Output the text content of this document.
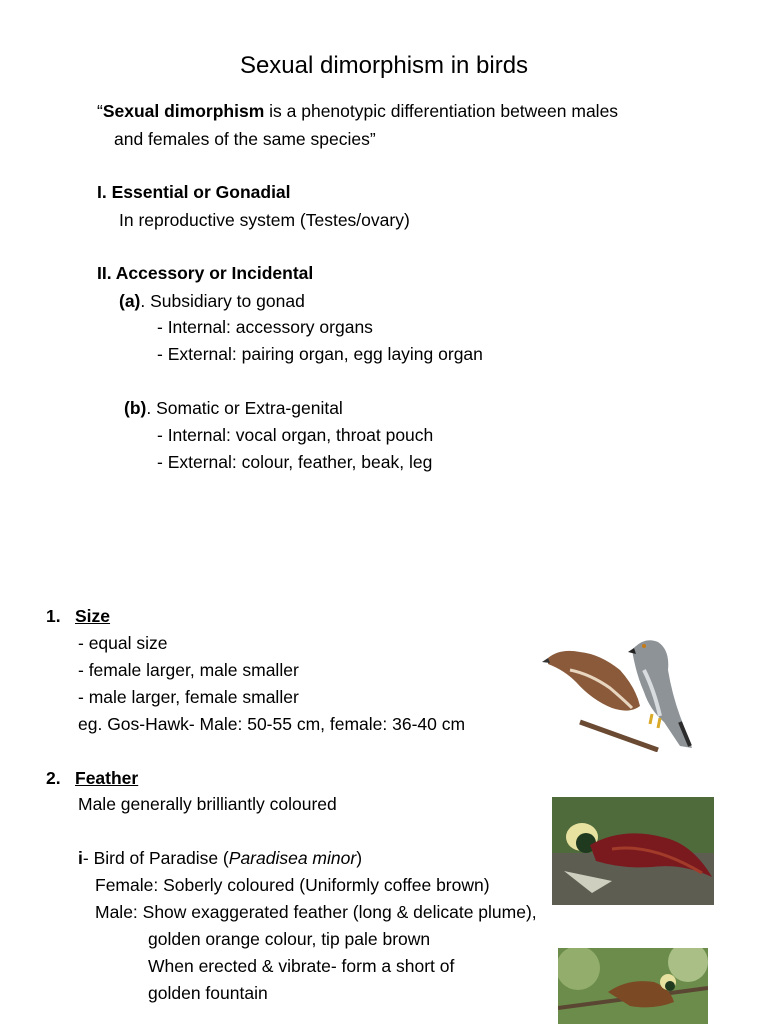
Sexual dimorphism in birds
“Sexual dimorphism is a phenotypic differentiation between males
and females of the same species”
I. Essential or Gonadial
In reproductive system (Testes/ovary)
II. Accessory or Incidental
(a). Subsidiary to gonad
- Internal: accessory organs
- External: pairing organ, egg laying organ
(b). Somatic or Extra-genital
- Internal: vocal organ, throat pouch
- External: colour, feather, beak, leg
1. Size
- equal size
- female larger, male smaller
- male larger, female smaller
eg. Gos-Hawk- Male: 50-55 cm, female: 36-40 cm
2. Feather
Male generally brilliantly coloured
i- Bird of Paradise (Paradisea minor)
Female: Soberly coloured (Uniformly coffee brown)
Male: Show exaggerated feather (long & delicate plume),
golden orange colour, tip pale brown
When erected & vibrate- form a short of
golden fountain
